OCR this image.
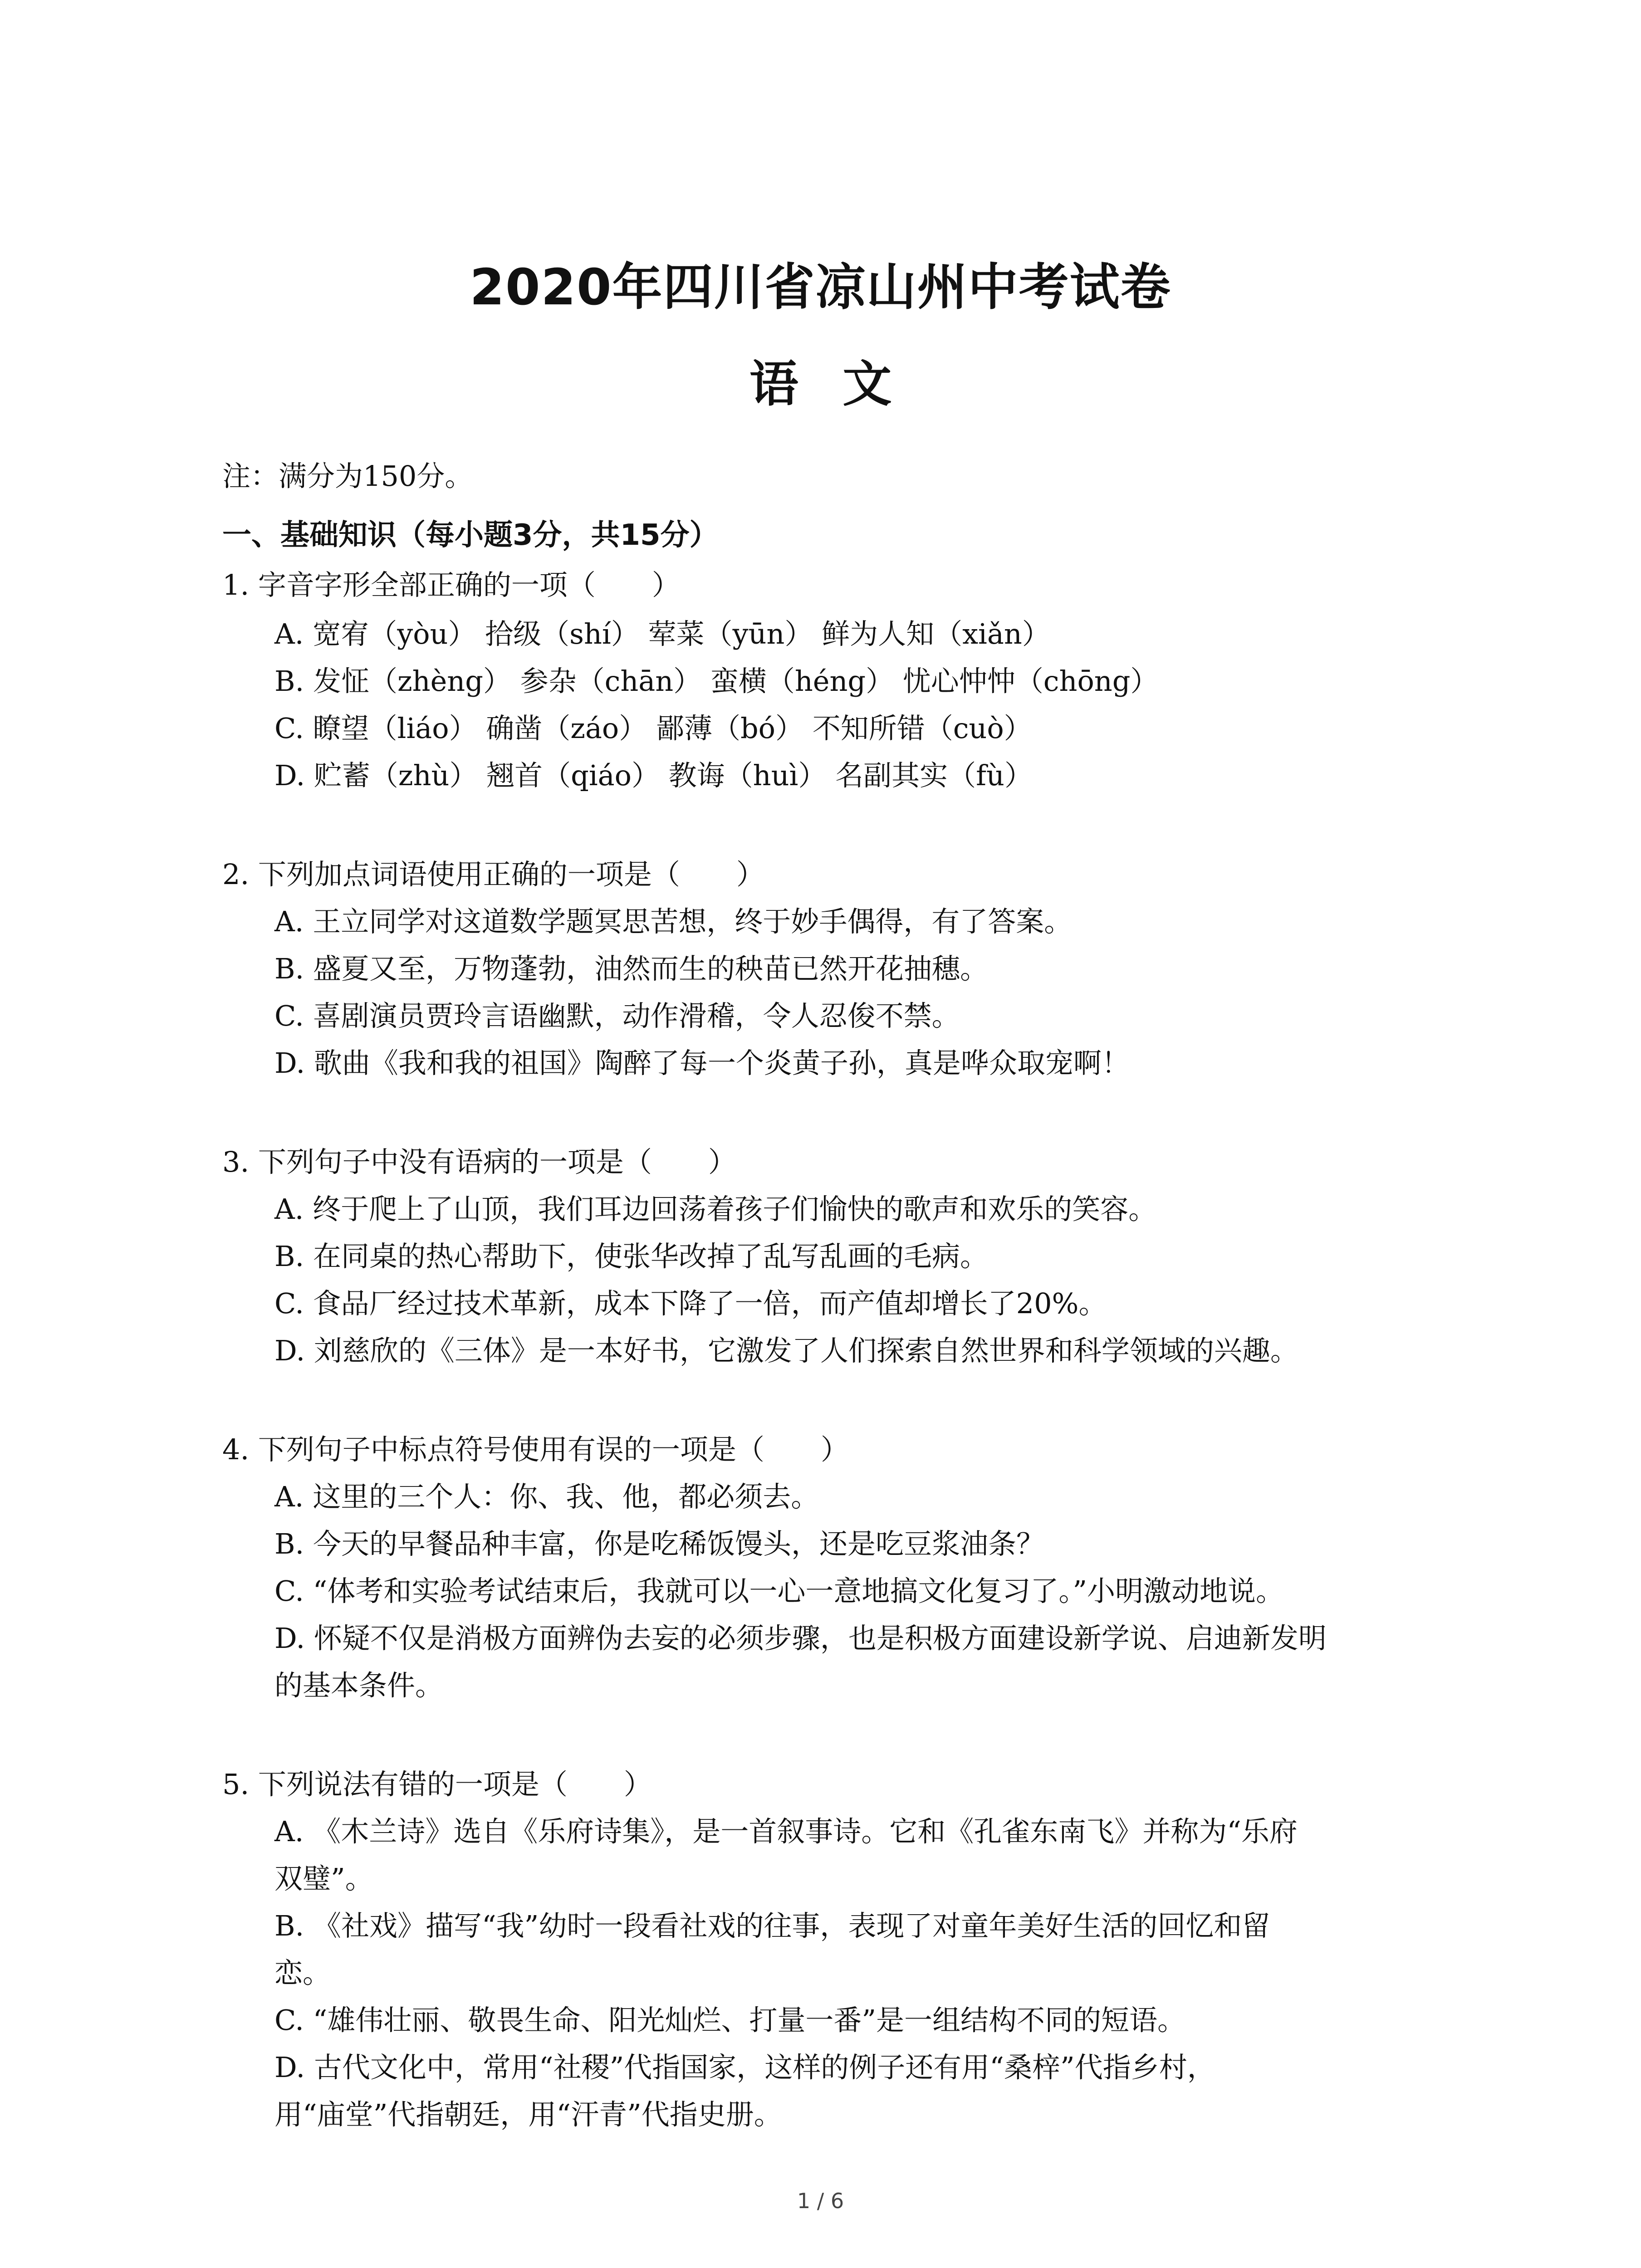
2020年四川省凉山州中考试卷
语 文
注：满分为150分。
一、基础知识（每小题3分，共15分）
1. 字音字形全部正确的一项（　　）
A. 宽宥（yòu） 拾级（shí） 荤菜（yūn） 鲜为人知（xiǎn）
B. 发怔（zhèng） 参杂（chān） 蛮横（héng） 忧心忡忡（chōng）
C. 瞭望（liáo） 确凿（záo） 鄙薄（bó） 不知所错（cuò）
D. 贮蓄（zhù） 翘首（qiáo） 教诲（huì） 名副其实（fù）
2. 下列加点词语使用正确的一项是（　　）
A. 王立同学对这道数学题冥思苦想，终于妙手偶得，有了答案。
B. 盛夏又至，万物蓬勃，油然而生的秧苗已然开花抽穗。
C. 喜剧演员贾玲言语幽默，动作滑稽，令人忍俊不禁。
D. 歌曲《我和我的祖国》陶醉了每一个炎黄子孙，真是哗众取宠啊！
3. 下列句子中没有语病的一项是（　　）
A. 终于爬上了山顶，我们耳边回荡着孩子们愉快的歌声和欢乐的笑容。
B. 在同桌的热心帮助下，使张华改掉了乱写乱画的毛病。
C. 食品厂经过技术革新，成本下降了一倍，而产值却增长了20%。
D. 刘慈欣的《三体》是一本好书，它激发了人们探索自然世界和科学领域的兴趣。
4. 下列句子中标点符号使用有误的一项是（　　）
A. 这里的三个人：你、我、他，都必须去。
B. 今天的早餐品种丰富，你是吃稀饭馒头，还是吃豆浆油条？
C. “体考和实验考试结束后，我就可以一心一意地搞文化复习了。”小明激动地说。
D. 怀疑不仅是消极方面辨伪去妄的必须步骤，也是积极方面建设新学说、启迪新发明
的基本条件。
5. 下列说法有错的一项是（　　）
A. 《木兰诗》选自《乐府诗集》，是一首叙事诗。它和《孔雀东南飞》并称为“乐府
双璧”。
B. 《社戏》描写“我”幼时一段看社戏的往事，表现了对童年美好生活的回忆和留
恋。
C. “雄伟壮丽、敬畏生命、阳光灿烂、打量一番”是一组结构不同的短语。
D. 古代文化中，常用“社稷”代指国家，这样的例子还有用“桑梓”代指乡村，
用“庙堂”代指朝廷，用“汗青”代指史册。
1 / 6
